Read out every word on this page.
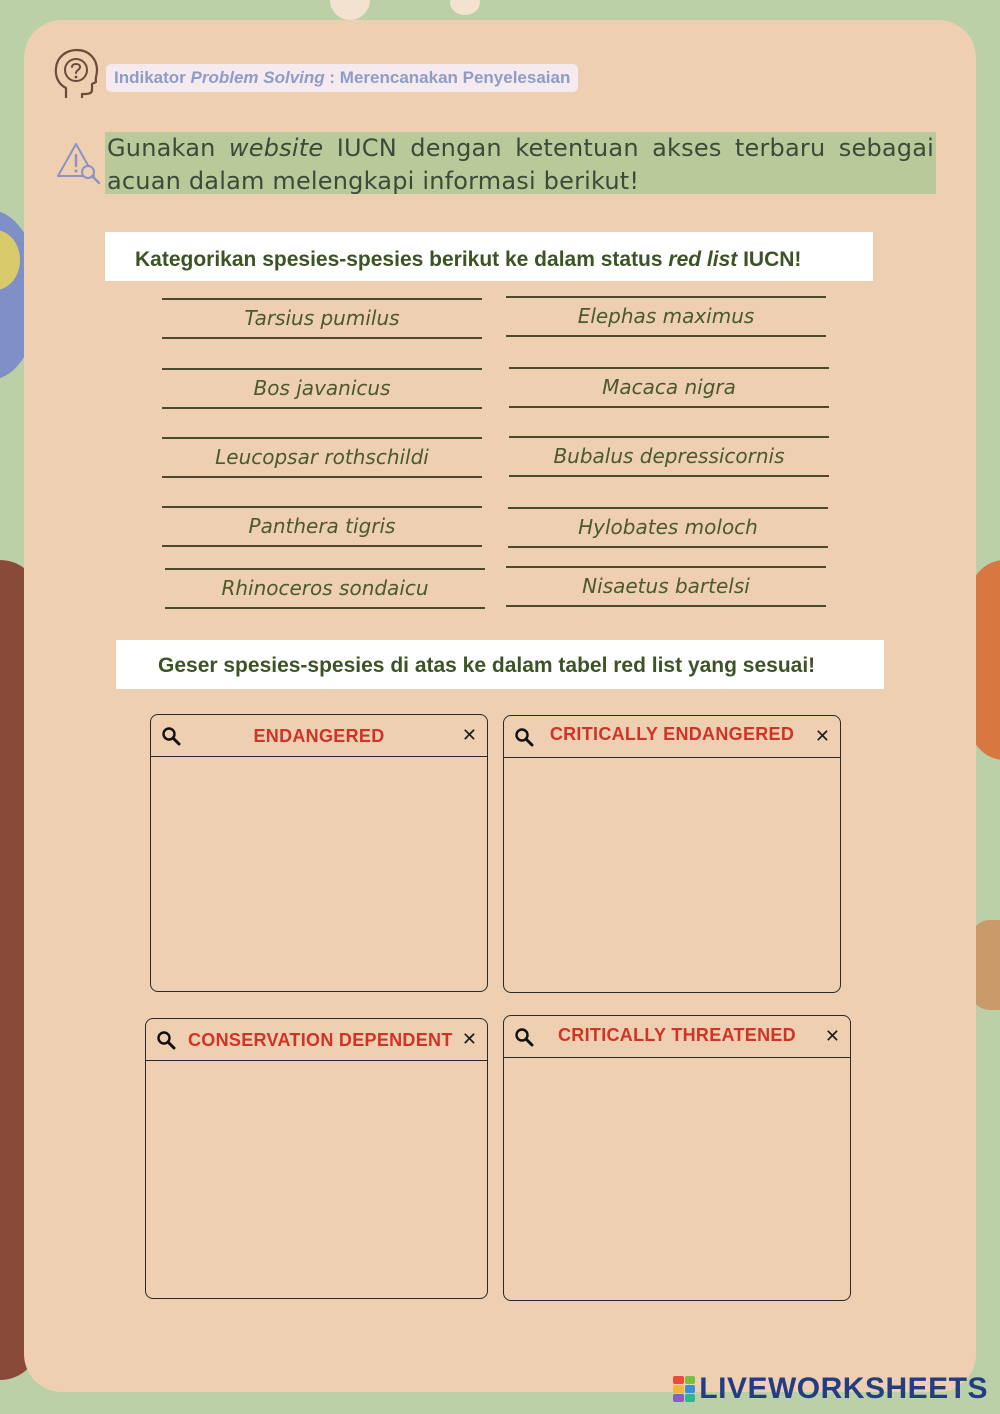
Indikator Problem Solving : Merencanakan Penyelesaian
Gunakan website IUCN dengan ketentuan akses terbaru sebagai acuan dalam melengkapi informasi berikut!
Kategorikan spesies-spesies berikut ke dalam status red list IUCN!
Tarsius pumilus	Elephas maximus
Bos javanicus	Macaca nigra
Leucopsar rothschildi	Bubalus depressicornis
Panthera tigris	Hylobates moloch
Rhinoceros sondaicu	Nisaetus bartelsi
Geser spesies-spesies di atas ke dalam tabel red list yang sesuai!
ENDANGERED	✕	CRITICALLY ENDANGERED	✕
CONSERVATION DEPENDENT ✕	CRITICALLY THREATENED	✕
LIVEWORKSHEETS
